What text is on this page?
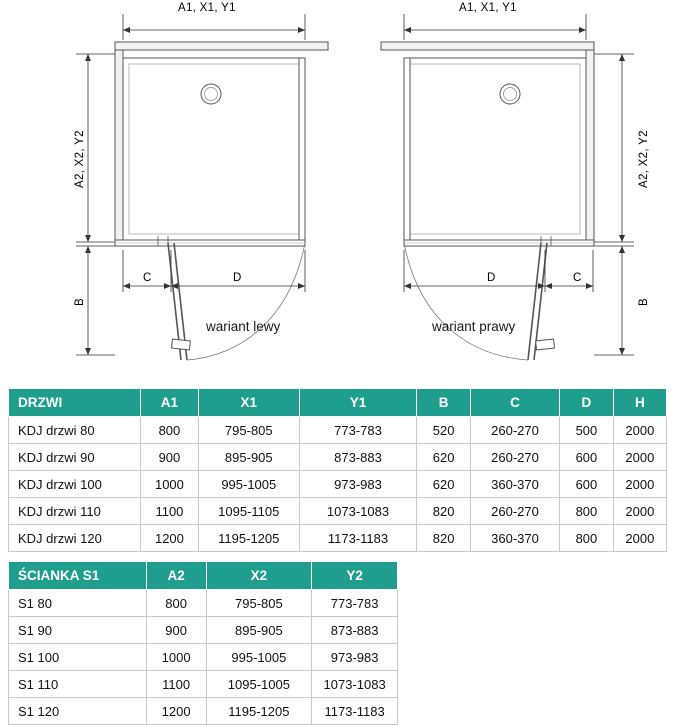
A1, X1, Y1	A1, X1, Y1
A2, X2, Y2	A2, X2, Y2
B	B
C	D	D	C
wariant lewy	wariant prawy
DRZWI	A1	X1	Y1	B	C	D	H
KDJ drzwi 80	800	795-805	773-783	520	260-270	500	2000
KDJ drzwi 90	900	895-905	873-883	620	260-270	600	2000
KDJ drzwi 100	1000	995-1005	973-983	620	360-370	600	2000
KDJ drzwi 110	1100	1095-1105	1073-1083	820	260-270	800	2000
KDJ drzwi 120	1200	1195-1205	1173-1183	820	360-370	800	2000
ŚCIANKA S1	A2	X2	Y2
S1 80	800	795-805	773-783
S1 90	900	895-905	873-883
S1 100	1000	995-1005	973-983
S1 110	1100	1095-1005	1073-1083
S1 120	1200	1195-1205	1173-1183
